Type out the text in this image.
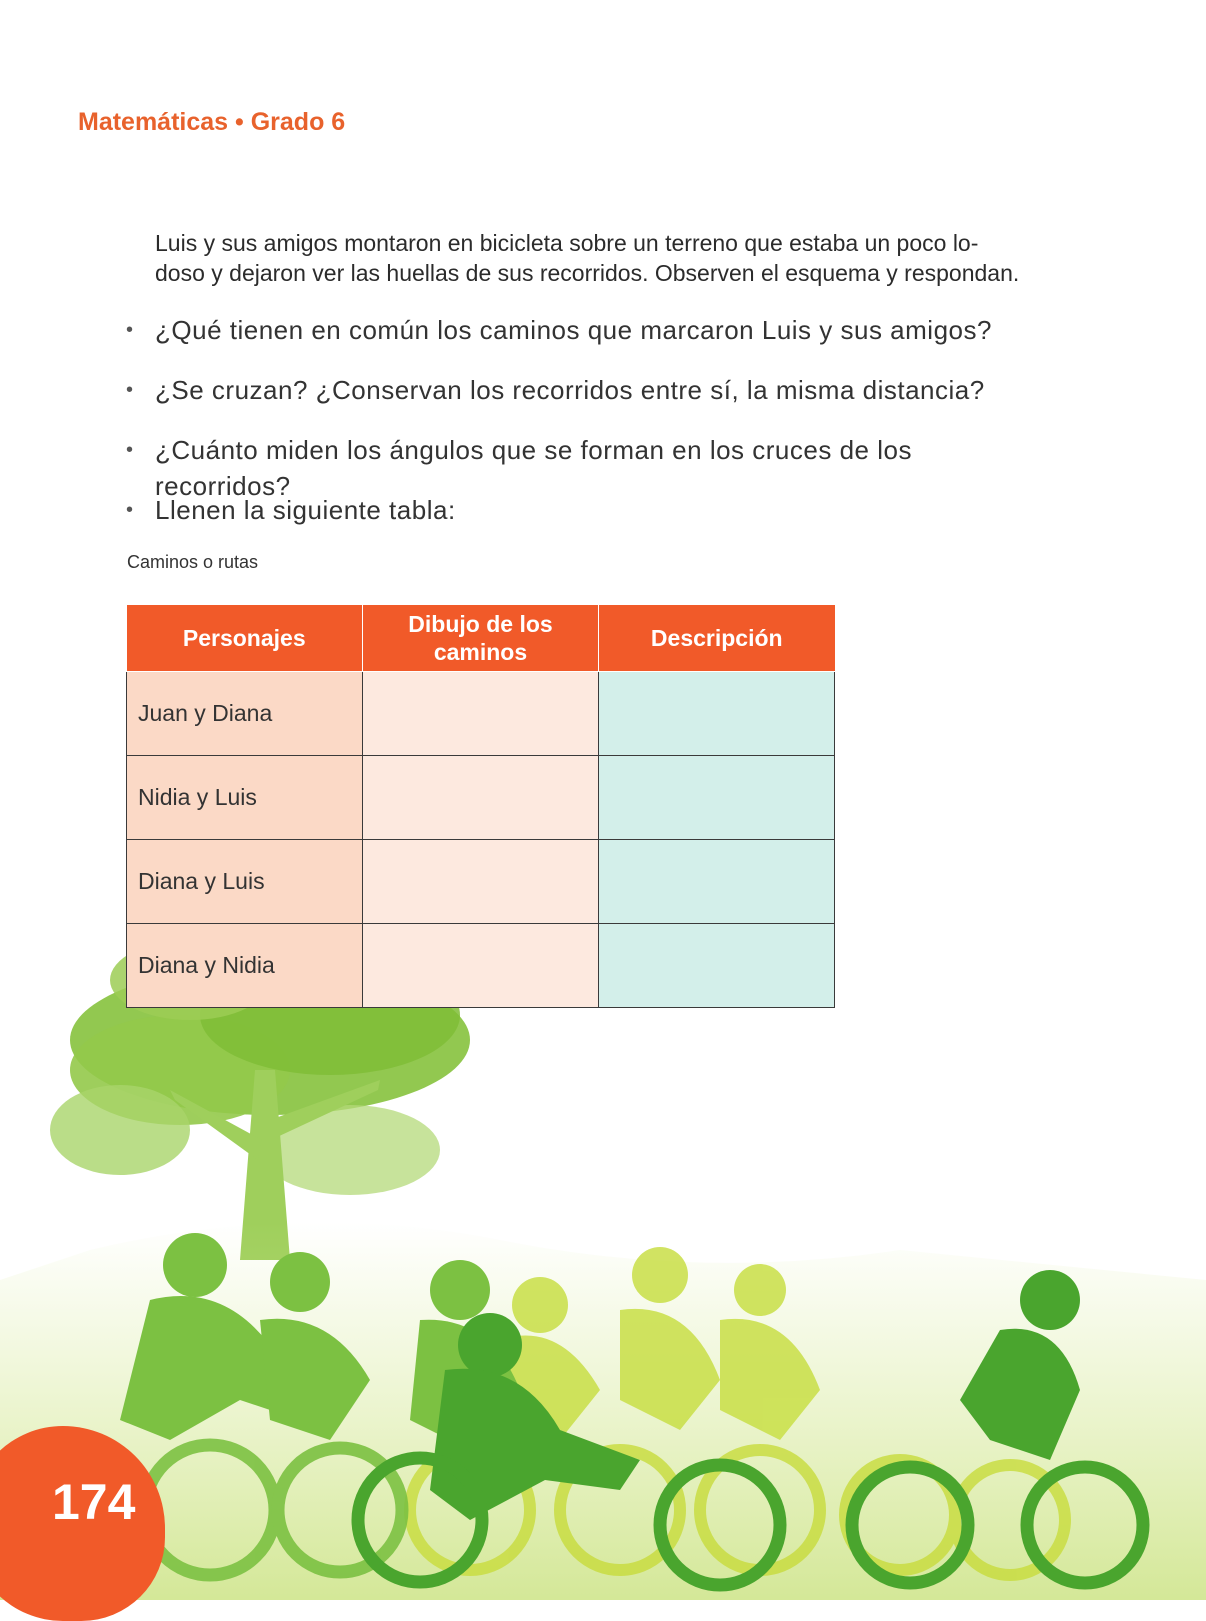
Matemáticas • Grado 6

Luis y sus amigos montaron en bicicleta sobre un terreno que estaba un poco lo-

doso y dejaron ver las huellas de sus recorridos. Observen el esquema y respondan.

• ¿Qué tienen en común los caminos que marcaron Luis y sus amigos?
• ¿Se cruzan? ¿Conservan los recorridos entre sí, la misma distancia?
• ¿Cuánto miden los ángulos que se forman en los cruces de los recorridos?
• Llenen la siguiente tabla:
Caminos o rutas
Personajes	Dibujo de los caminos	Descripción
Juan y Diana		
Nidia y Luis		
Diana y Luis		
Diana y Nidia		
174
